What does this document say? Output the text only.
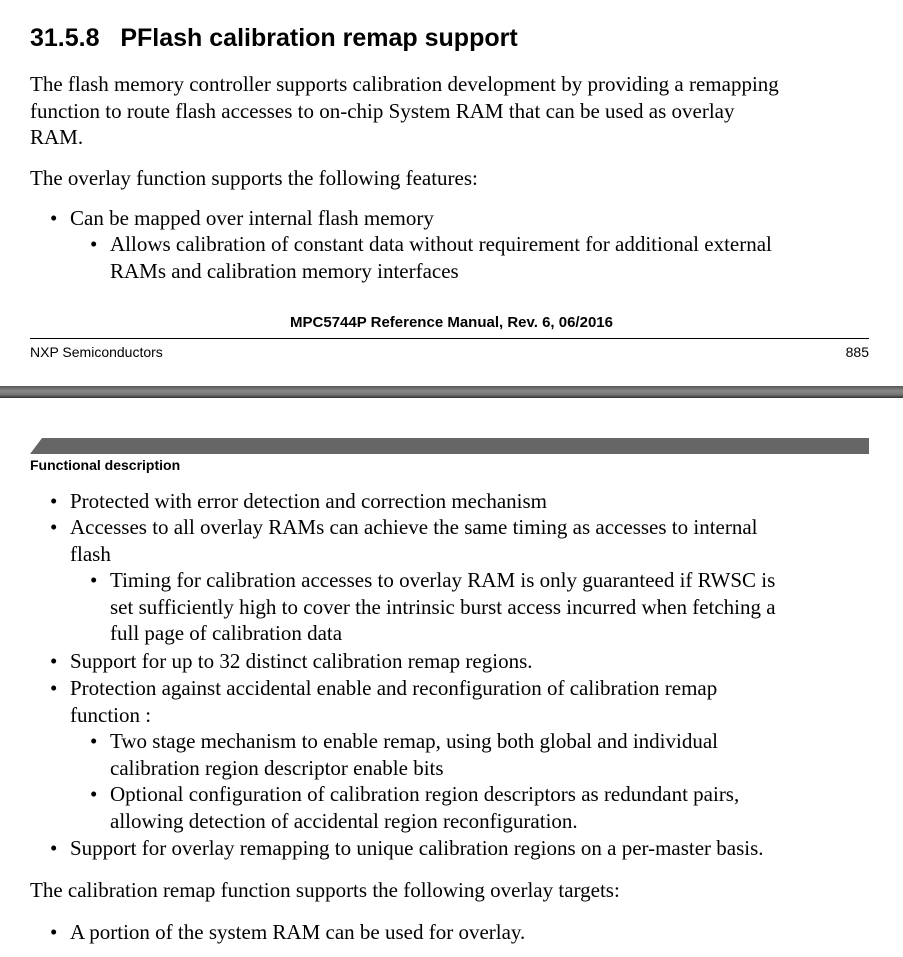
31.5.8 PFlash calibration remap support
The flash memory controller supports calibration development by providing a remapping
function to route flash accesses to on-chip System RAM that can be used as overlay
RAM.
The overlay function supports the following features:
• Can be mapped over internal flash memory
• Allows calibration of constant data without requirement for additional external
RAMs and calibration memory interfaces
MPC5744P Reference Manual, Rev. 6, 06/2016
NXP Semiconductors	885
Functional description
• Protected with error detection and correction mechanism
• Accesses to all overlay RAMs can achieve the same timing as accesses to internal
flash
• Timing for calibration accesses to overlay RAM is only guaranteed if RWSC is
set sufficiently high to cover the intrinsic burst access incurred when fetching a
full page of calibration data
• Support for up to 32 distinct calibration remap regions.
• Protection against accidental enable and reconfiguration of calibration remap
function :
• Two stage mechanism to enable remap, using both global and individual
calibration region descriptor enable bits
• Optional configuration of calibration region descriptors as redundant pairs,
allowing detection of accidental region reconfiguration.
• Support for overlay remapping to unique calibration regions on a per-master basis.
The calibration remap function supports the following overlay targets:
• A portion of the system RAM can be used for overlay.
